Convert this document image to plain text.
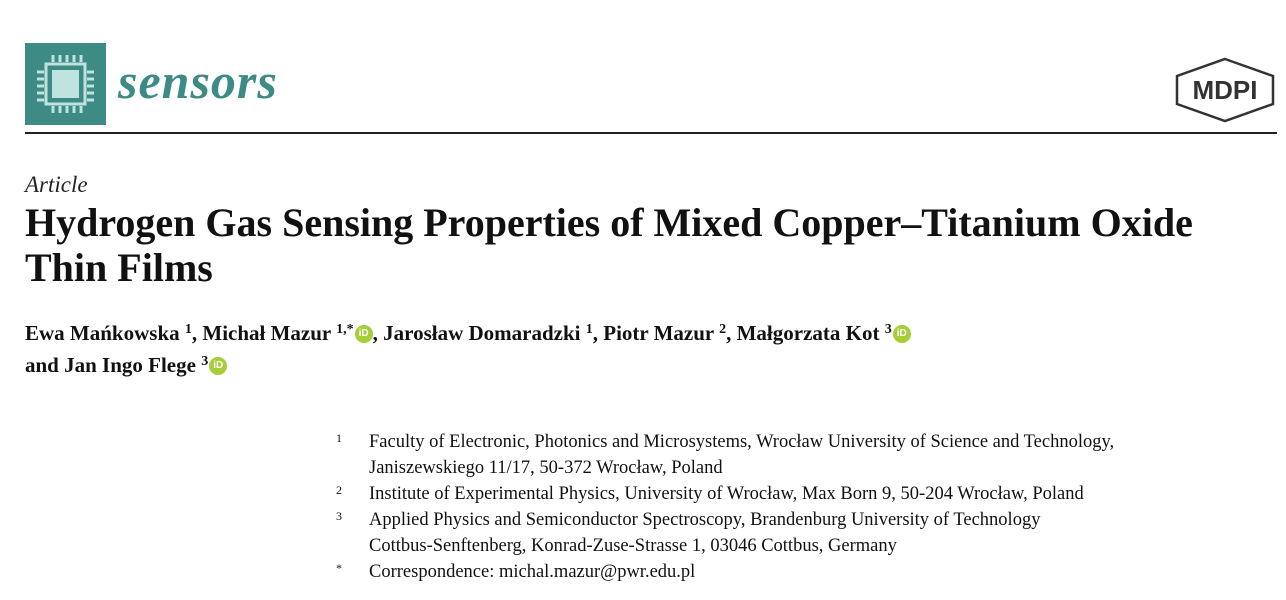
sensors	MDPI
Article
Hydrogen Gas Sensing Properties of Mixed Copper–Titanium Oxide Thin Films
Ewa Mańkowska $^1$, Michał Mazur $^{1,*}$ iD , Jarosław Domaradzki $^1$, Piotr Mazur $^2$, Małgorzata Kot $^3$ iD
and Jan Ingo Flege $^3$ iD
1	Faculty of Electronic, Photonics and Microsystems, Wrocław University of Science and Technology,
Janiszewskiego 11/17, 50-372 Wrocław, Poland
2	Institute of Experimental Physics, University of Wrocław, Max Born 9, 50-204 Wrocław, Poland
3	Applied Physics and Semiconductor Spectroscopy, Brandenburg University of Technology
Cottbus-Senftenberg, Konrad-Zuse-Strasse 1, 03046 Cottbus, Germany
*	Correspondence: michal.mazur@pwr.edu.pl
